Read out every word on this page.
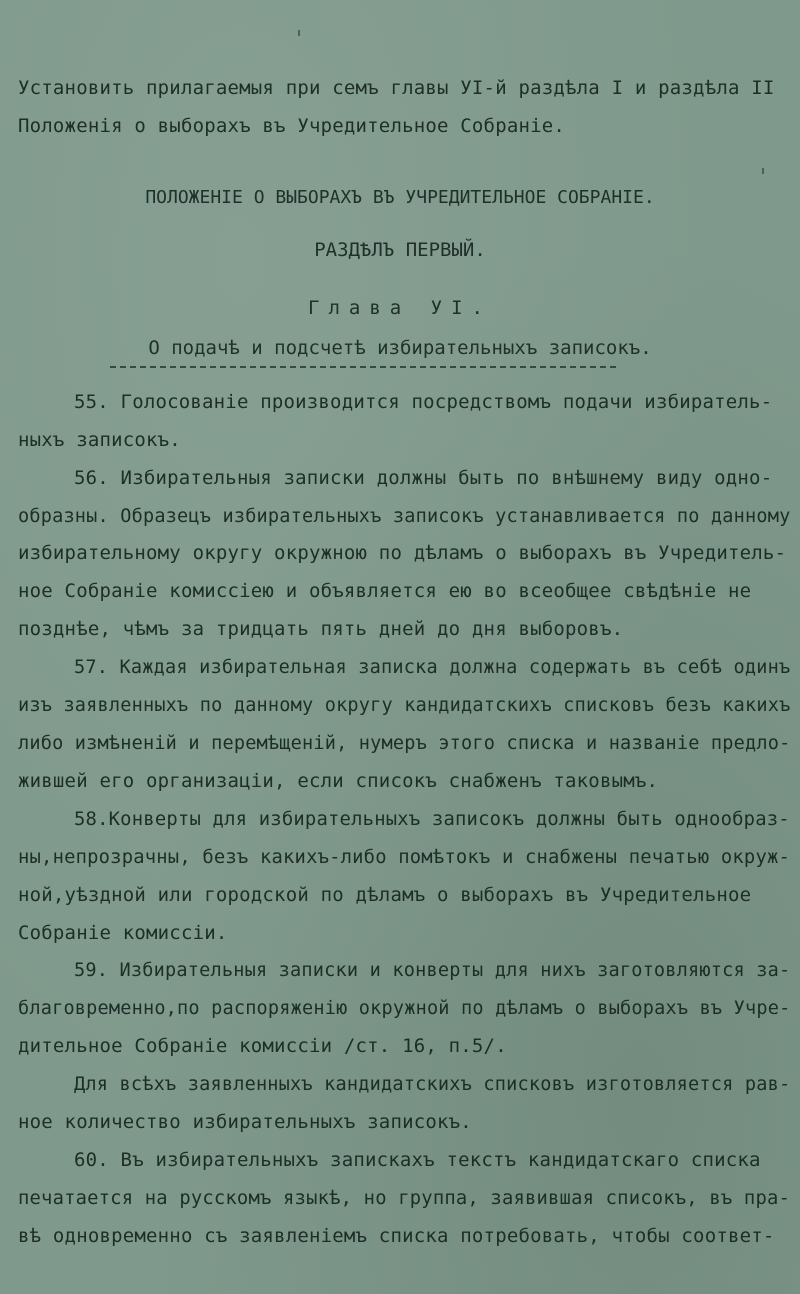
Установить прилагаемыя при семъ главы УІ-й раздѣла І и раздѣла II
Положенія о выборахъ въ Учредительное Собраніе.
ПОЛОЖЕНІЕ О ВЫБОРАХЪ ВЪ УЧРЕДИТЕЛЬНОЕ СОБРАНІЕ.
РАЗДѢЛЪ ПЕРВЫЙ.
Глава УІ.
О подачѣ и подсчетѣ избирательныхъ записокъ.
55. Голосованіе производится посредствомъ подачи избиратель-
ныхъ записокъ.
56. Избирательныя записки должны быть по внѣшнему виду одно-
образны. Образецъ избирательныхъ записокъ устанавливается по данному
избирательному округу окружною по дѣламъ о выборахъ въ Учредитель-
ное Собраніе комиссіею и объявляется ею во всеобщее свѣдѣніе не
позднѣе, чѣмъ за тридцать пять дней до дня выборовъ.
57. Каждая избирательная записка должна содержать въ себѣ одинъ
изъ заявленныхъ по данному округу кандидатскихъ списковъ безъ какихъ
либо измѣненій и перемѣщеній, нумеръ этого списка и названіе предло-
жившей его организаціи, если списокъ снабженъ таковымъ.
58.Конверты для избирательныхъ записокъ должны быть однообраз-
ны,непрозрачны, безъ какихъ-либо помѣтокъ и снабжены печатью окруж-
ной,уѣздной или городской по дѣламъ о выборахъ въ Учредительное
Собраніе комиссіи.
59. Избирательныя записки и конверты для нихъ заготовляются за-
благовременно,по распоряженію окружной по дѣламъ о выборахъ въ Учре-
дительное Собраніе комиссіи /ст. 16, п.5/.
Для всѣхъ заявленныхъ кандидатскихъ списковъ изготовляется рав-
ное количество избирательныхъ записокъ.
60. Въ избирательныхъ запискахъ текстъ кандидатскаго списка
печатается на русскомъ языкѣ, но группа, заявившая списокъ, въ пра-
вѣ одновременно съ заявленіемъ списка потребовать, чтобы соответ-
